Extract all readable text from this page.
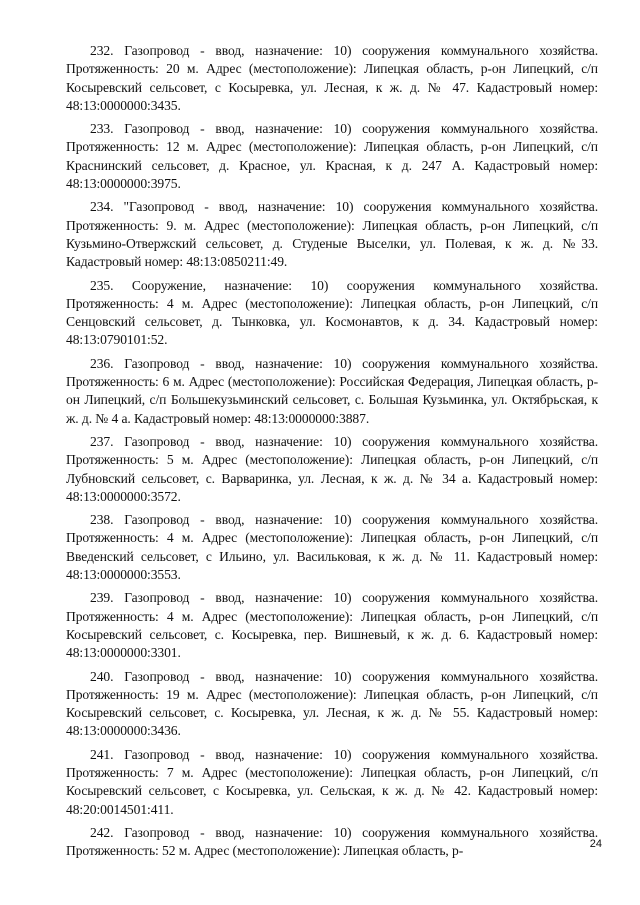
232. Газопровод - ввод, назначение: 10) сооружения коммунального хозяйства. Протяженность: 20 м. Адрес (местоположение): Липецкая область, р-он Липецкий, с/п Косыревский сельсовет, с Косыревка, ул. Лесная, к ж. д. № 47. Кадастровый номер: 48:13:0000000:3435.

233. Газопровод - ввод, назначение: 10) сооружения коммунального хозяйства. Протяженность: 12 м. Адрес (местоположение): Липецкая область, р-он Липецкий, с/п Краснинский сельсовет, д. Красное, ул. Красная, к д. 247 А. Кадастровый номер: 48:13:0000000:3975.

234. "Газопровод - ввод, назначение: 10) сооружения коммунального хозяйства. Протяженность: 9. м. Адрес (местоположение): Липецкая область, р-он Липецкий, с/п Кузьмино-Отвержский сельсовет, д. Студеные Выселки, ул. Полевая, к ж. д. №33. Кадастровый номер: 48:13:0850211:49.

235. Сооружение, назначение: 10) сооружения коммунального хозяйства. Протяженность: 4 м. Адрес (местоположение): Липецкая область, р-он Липецкий, с/п Сенцовский сельсовет, д. Тынковка, ул. Космонавтов, к д. 34. Кадастровый номер: 48:13:0790101:52.

236. Газопровод - ввод, назначение: 10) сооружения коммунального хозяйства. Протяженность: 6 м. Адрес (местоположение): Российская Федерация, Липецкая область, р-он Липецкий, с/п Большекузьминский сельсовет, с. Большая Кузьминка, ул. Октябрьская, к ж. д. № 4 а. Кадастровый номер: 48:13:0000000:3887.

237. Газопровод - ввод, назначение: 10) сооружения коммунального хозяйства. Протяженность: 5 м. Адрес (местоположение): Липецкая область, р-он Липецкий, с/п Лубновский сельсовет, с. Варваринка, ул. Лесная, к ж. д. № 34 а. Кадастровый номер: 48:13:0000000:3572.

238. Газопровод - ввод, назначение: 10) сооружения коммунального хозяйства. Протяженность: 4 м. Адрес (местоположение): Липецкая область, р-он Липецкий, с/п Введенский сельсовет, с Ильино, ул. Васильковая, к ж. д. № 11. Кадастровый номер: 48:13:0000000:3553.

239. Газопровод - ввод, назначение: 10) сооружения коммунального хозяйства. Протяженность: 4 м. Адрес (местоположение): Липецкая область, р-он Липецкий, с/п Косыревский сельсовет, с. Косыревка, пер. Вишневый, к ж. д. 6. Кадастровый номер: 48:13:0000000:3301.

240. Газопровод - ввод, назначение: 10) сооружения коммунального хозяйства. Протяженность: 19 м. Адрес (местоположение): Липецкая область, р-он Липецкий, с/п Косыревский сельсовет, с. Косыревка, ул. Лесная, к ж. д. № 55. Кадастровый номер: 48:13:0000000:3436.

241. Газопровод - ввод, назначение: 10) сооружения коммунального хозяйства. Протяженность: 7 м. Адрес (местоположение): Липецкая область, р-он Липецкий, с/п Косыревский сельсовет, с Косыревка, ул. Сельская, к ж. д. № 42. Кадастровый номер: 48:20:0014501:411.

242. Газопровод - ввод, назначение: 10) сооружения коммунального хозяйства. Протяженность: 52 м. Адрес (местоположение): Липецкая область, р-	24
